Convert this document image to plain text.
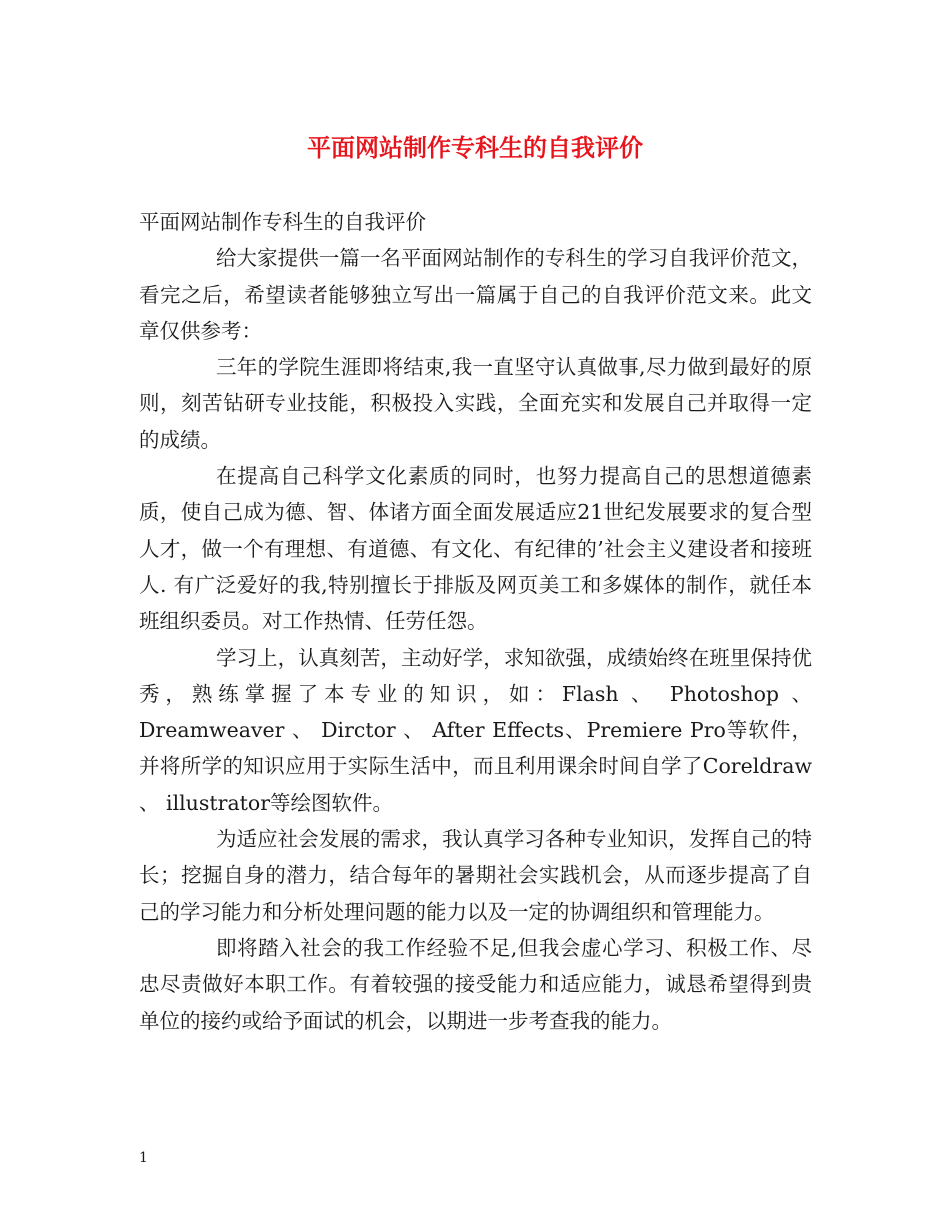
平面网站制作专科生的自我评价

平面网站制作专科生的自我评价

给大家提供一篇一名平面网站制作的专科生的学习自我评价范文，看完之后，希望读者能够独立写出一篇属于自己的自我评价范文来。此文章仅供参考：

三年的学院生涯即将结束,我一直坚守认真做事,尽力做到最好的原则，刻苦钻研专业技能，积极投入实践，全面充实和发展自己并取得一定的成绩。

在提高自己科学文化素质的同时，也努力提高自己的思想道德素质，使自己成为德、智、体诸方面全面发展适应21世纪发展要求的复合型人才，做一个有理想、有道德、有文化、有纪律的’社会主义建设者和接班人. 有广泛爱好的我,特别擅长于排版及网页美工和多媒体的制作，就任本班组织委员。对工作热情、任劳任怨。

学习上，认真刻苦，主动好学，求知欲强，成绩始终在班里保持优秀，熟练掌握了本专业的知识，如：Flash 、 Photoshop 、 Dreamweaver 、 Dirctor 、 After Effects、Premiere Pro等软件，并将所学的知识应用于实际生活中，而且利用课余时间自学了Coreldraw 、 illustrator等绘图软件。

为适应社会发展的需求，我认真学习各种专业知识，发挥自己的特长；挖掘自身的潜力，结合每年的暑期社会实践机会，从而逐步提高了自己的学习能力和分析处理问题的能力以及一定的协调组织和管理能力。

即将踏入社会的我工作经验不足,但我会虚心学习、积极工作、尽忠尽责做好本职工作。有着较强的接受能力和适应能力，诚恳希望得到贵单位的接约或给予面试的机会，以期进一步考查我的能力。

1
